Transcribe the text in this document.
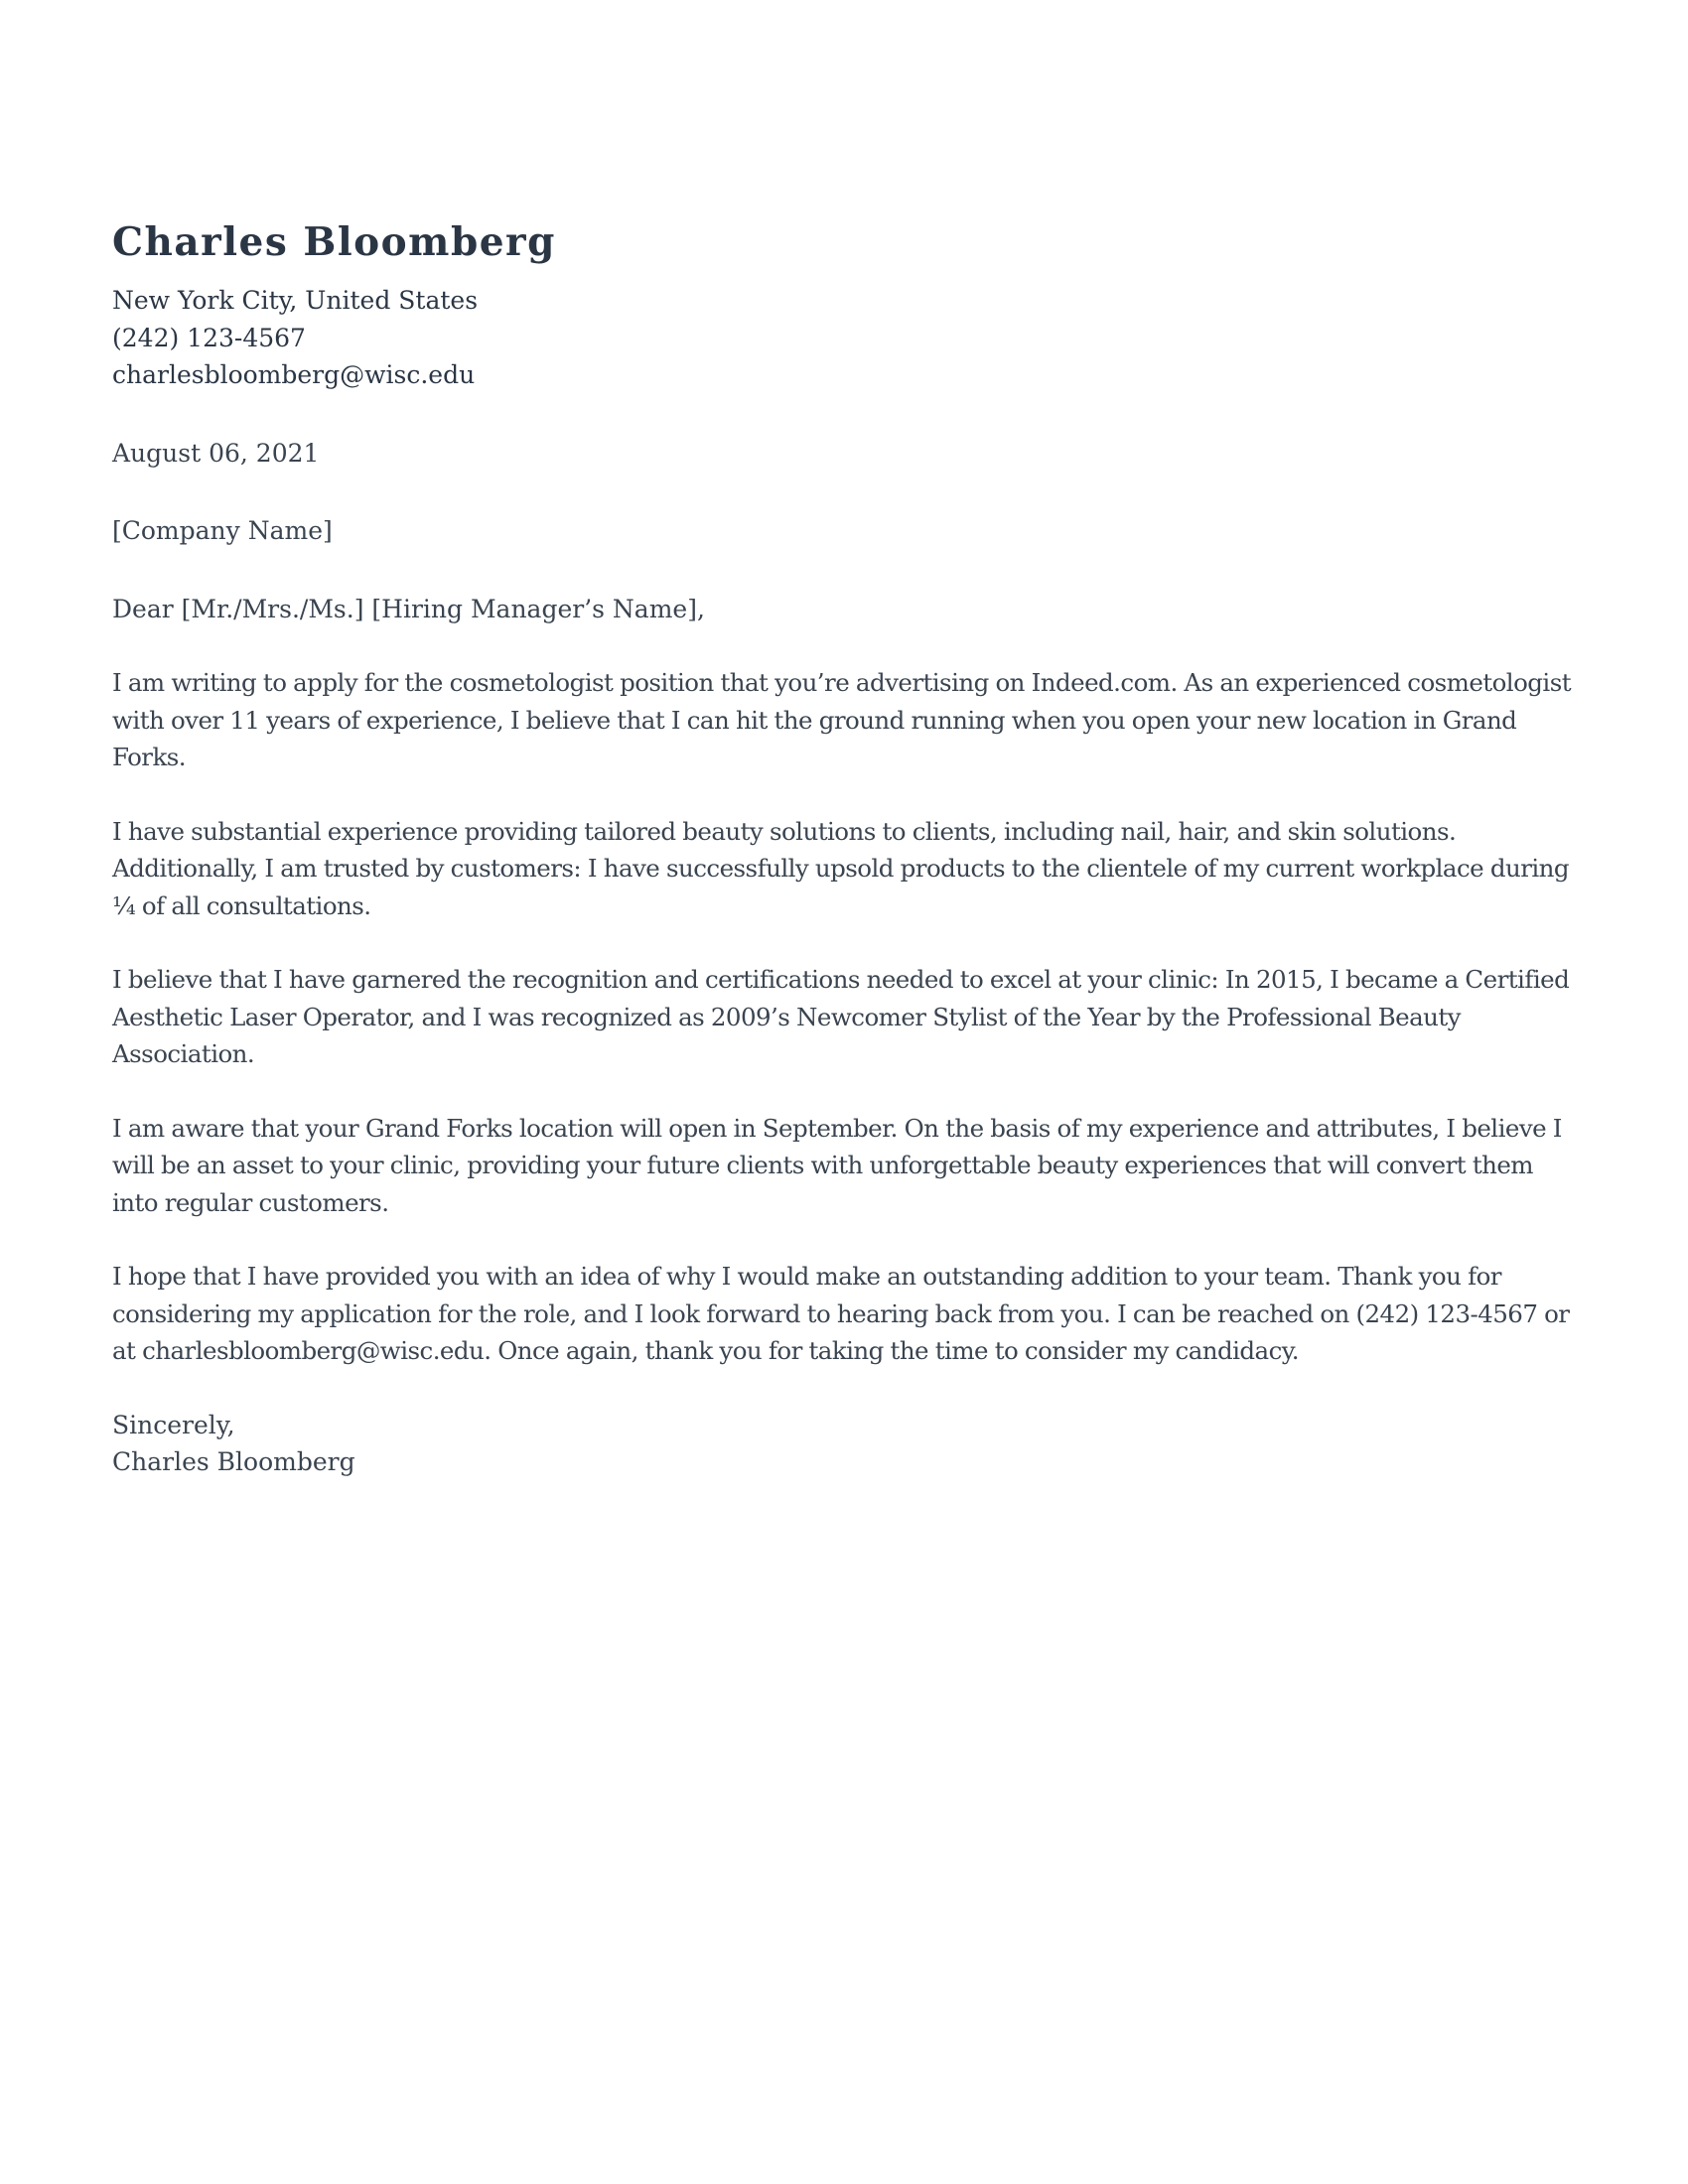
Charles Bloomberg
New York City, United States
(242) 123-4567
charlesbloomberg@wisc.edu
August 06, 2021
[Company Name]
Dear [Mr./Mrs./Ms.] [Hiring Manager’s Name],
I am writing to apply for the cosmetologist position that you’re advertising on Indeed.com. As an experienced cosmetologist with over 11 years of experience, I believe that I can hit the ground running when you open your new location in Grand Forks.
I have substantial experience providing tailored beauty solutions to clients, including nail, hair, and skin solutions. Additionally, I am trusted by customers: I have successfully upsold products to the clientele of my current workplace during ¼ of all consultations.
I believe that I have garnered the recognition and certifications needed to excel at your clinic: In 2015, I became a Certified Aesthetic Laser Operator, and I was recognized as 2009’s Newcomer Stylist of the Year by the Professional Beauty Association.
I am aware that your Grand Forks location will open in September. On the basis of my experience and attributes, I believe I will be an asset to your clinic, providing your future clients with unforgettable beauty experiences that will convert them into regular customers.
I hope that I have provided you with an idea of why I would make an outstanding addition to your team. Thank you for considering my application for the role, and I look forward to hearing back from you. I can be reached on (242) 123-4567 or at charlesbloomberg@wisc.edu. Once again, thank you for taking the time to consider my candidacy.
Sincerely,
Charles Bloomberg
